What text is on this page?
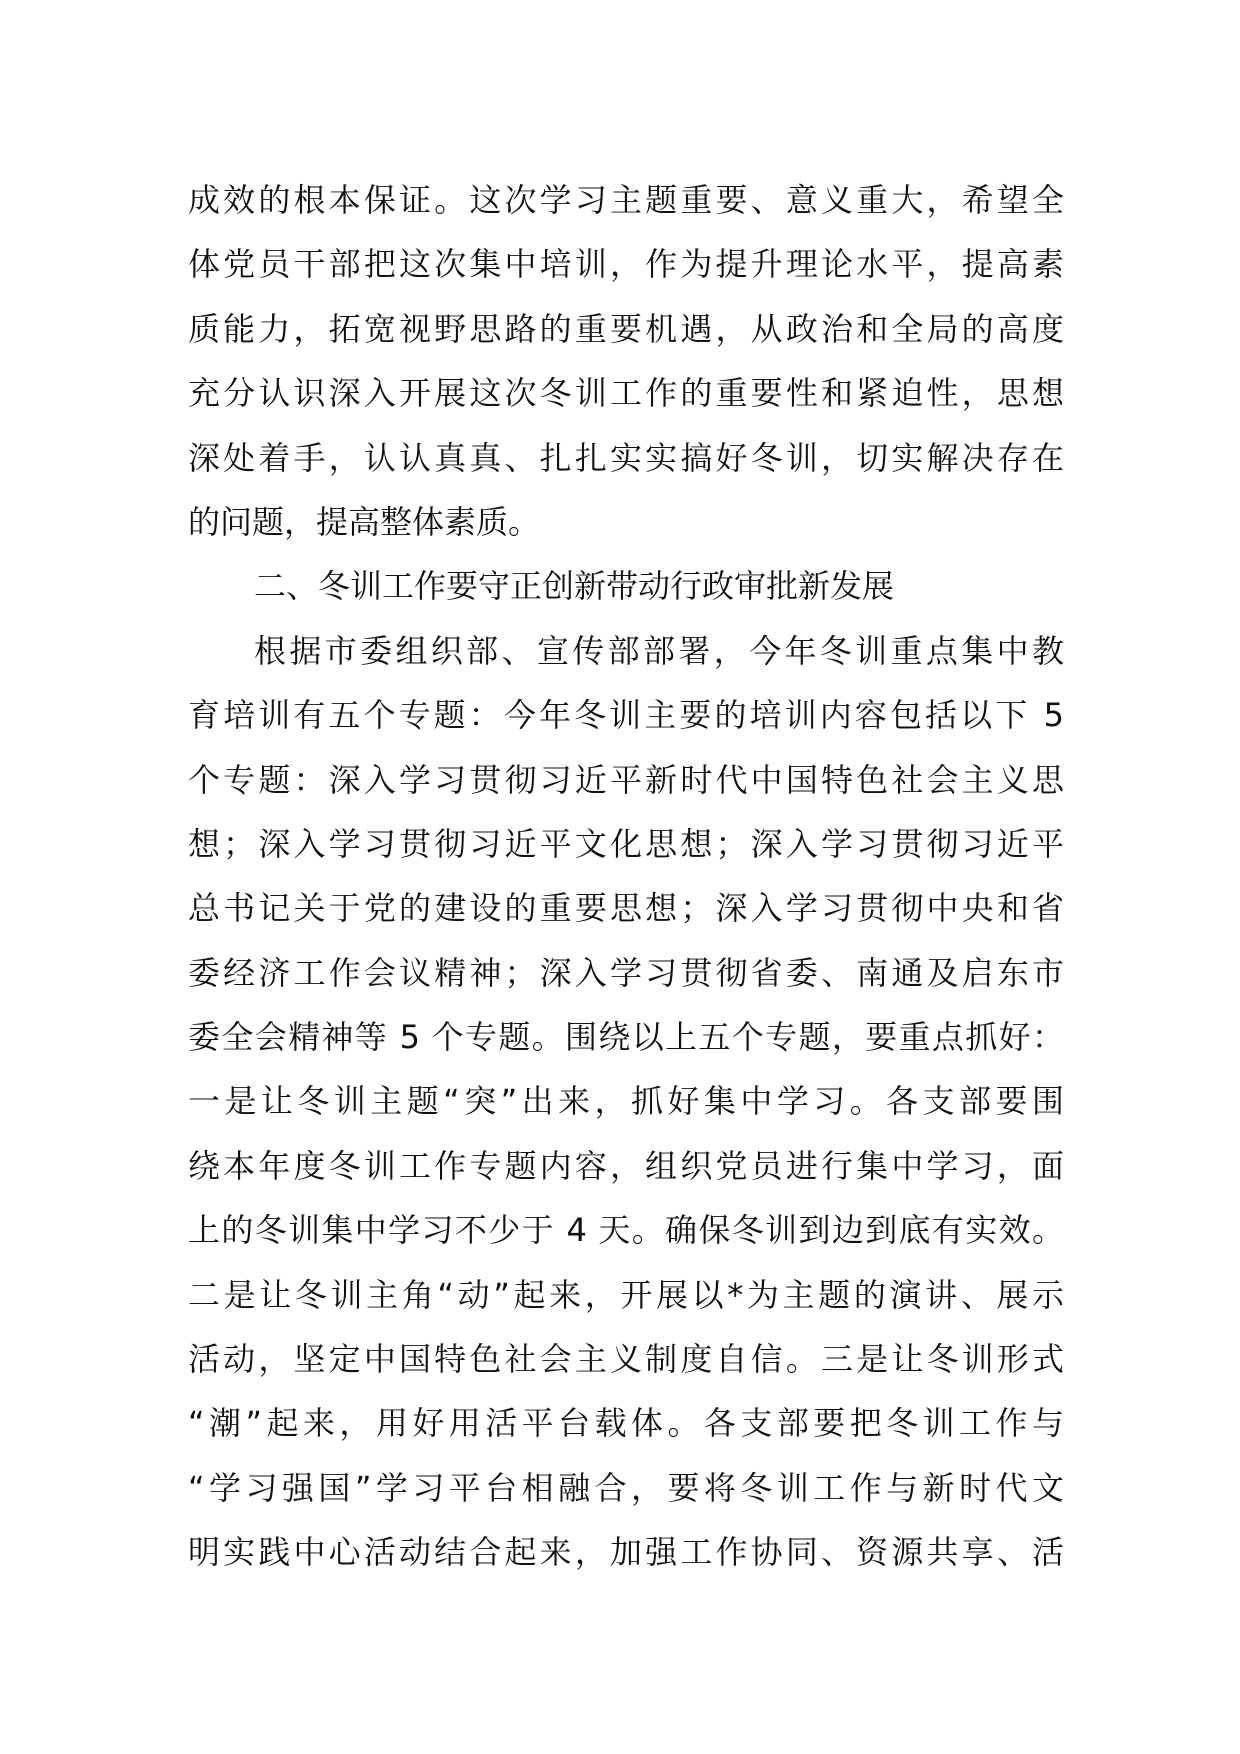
成效的根本保证。这次学习主题重要、意义重大，希望全
体党员干部把这次集中培训，作为提升理论水平，提高素
质能力，拓宽视野思路的重要机遇，从政治和全局的高度
充分认识深入开展这次冬训工作的重要性和紧迫性，思想
深处着手，认认真真、扎扎实实搞好冬训，切实解决存在
的问题，提高整体素质。
二、冬训工作要守正创新带动行政审批新发展
根据市委组织部、宣传部部署，今年冬训重点集中教
育培训有五个专题：今年冬训主要的培训内容包括以下 5
个专题：深入学习贯彻习近平新时代中国特色社会主义思
想；深入学习贯彻习近平文化思想；深入学习贯彻习近平
总书记关于党的建设的重要思想；深入学习贯彻中央和省
委经济工作会议精神；深入学习贯彻省委、南通及启东市
委全会精神等 5 个专题。围绕以上五个专题，要重点抓好：
一是让冬训主题“突”出来，抓好集中学习。各支部要围
绕本年度冬训工作专题内容，组织党员进行集中学习，面
上的冬训集中学习不少于 4 天。确保冬训到边到底有实效。
二是让冬训主角“动”起来，开展以*为主题的演讲、展示
活动，坚定中国特色社会主义制度自信。三是让冬训形式
“潮”起来，用好用活平台载体。各支部要把冬训工作与
“学习强国”学习平台相融合，要将冬训工作与新时代文
明实践中心活动结合起来，加强工作协同、资源共享、活
